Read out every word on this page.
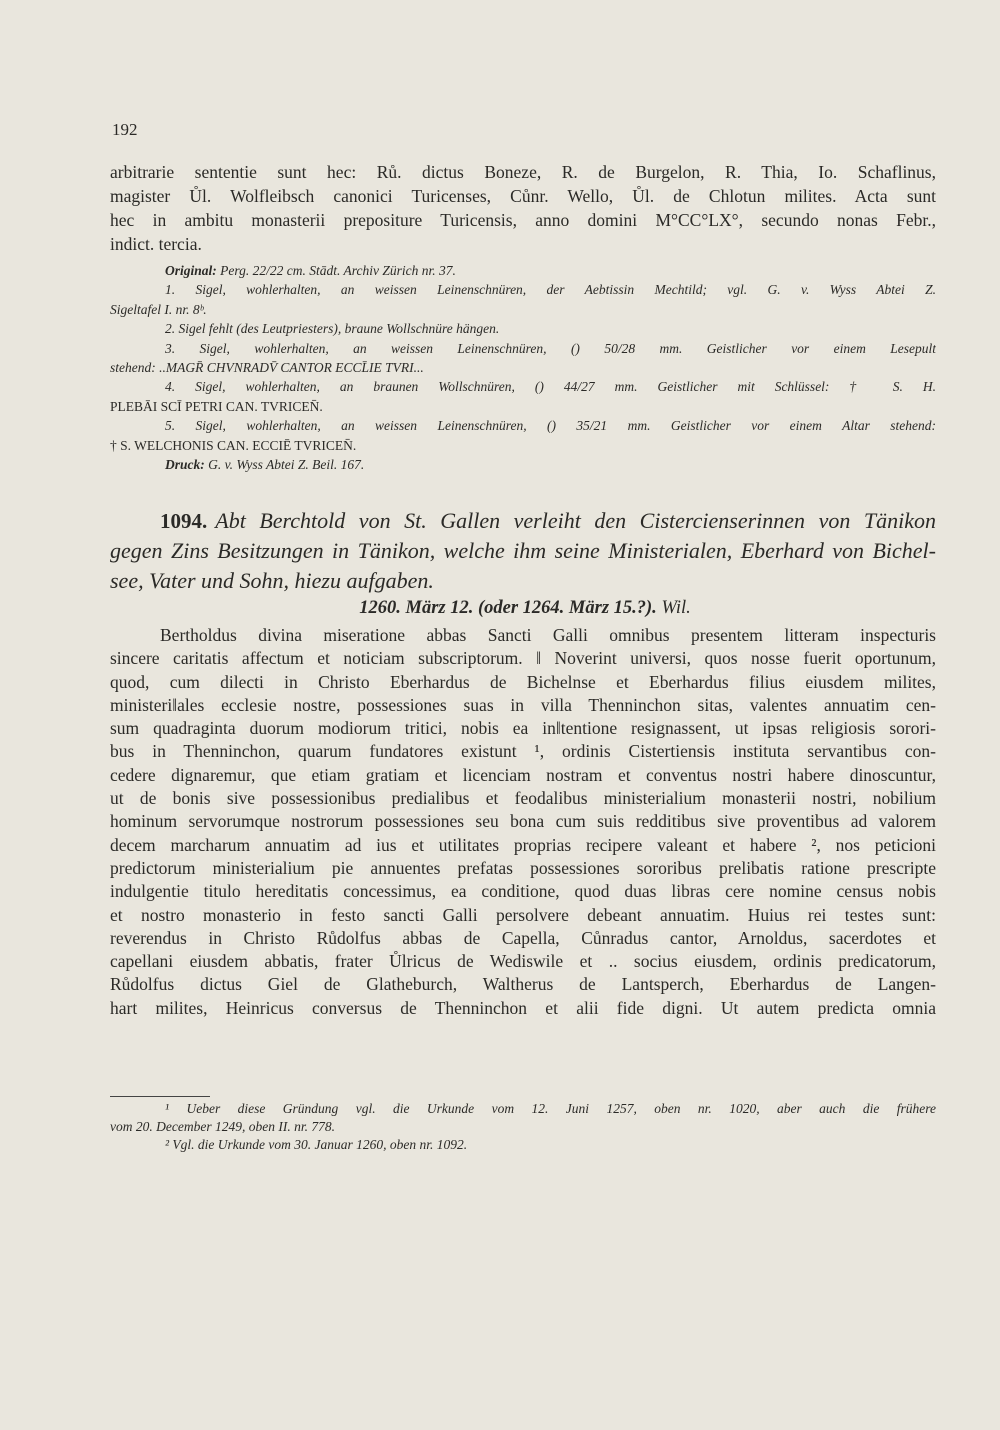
192
arbitrarie sententie sunt hec: Rů. dictus Boneze, R. de Burgelon, R. Thia, Io. Schaflinus,
magister Ůl. Wolfleibsch canonici Turicenses, Cůnr. Wello, Ůl. de Chlotun milites. Acta sunt
hec in ambitu monasterii prepositure Turicensis, anno domini M°CC°LX°, secundo nonas Febr.,
indict. tercia.
Original: Perg. 22/22 cm. Stādt. Archiv Zürich nr. 37.
1. Sigel, wohlerhalten, an weissen Leinenschnüren, der Aebtissin Mechtild; vgl. G. v. Wyss Abtei Z.
Sigeltafel I. nr. 8ᵇ.
2. Sigel fehlt (des Leutpriesters), braune Wollschnüre hängen.
3. Sigel, wohlerhalten, an weissen Leinenschnüren, () 50/28 mm. Geistlicher vor einem Lesepult
stehend: ..MAGR̄ CHVNRADV̄ CANTOR ECCL̄IE TVRI...
4. Sigel, wohlerhalten, an braunen Wollschnüren, () 44/27 mm. Geistlicher mit Schlüssel: † S. H.
PLEBĀI SCĪ PETRI CAN. TVRICEN̄.
5. Sigel, wohlerhalten, an weissen Leinenschnüren, () 35/21 mm. Geistlicher vor einem Altar stehend:
† S. WELCHONIS CAN. ECCIĒ TVRICEN̄.
Druck: G. v. Wyss Abtei Z. Beil. 167.
1094. Abt Berchtold von St. Gallen verleiht den Cistercienserinnen von Tänikon
gegen Zins Besitzungen in Tänikon, welche ihm seine Ministerialen, Eberhard von Bichel-
see, Vater und Sohn, hiezu aufgaben.
1260. März 12. (oder 1264. März 15.?). Wil.
Bertholdus divina miseratione abbas Sancti Galli omnibus presentem litteram inspecturis
sincere caritatis affectum et noticiam subscriptorum. ‖ Noverint universi, quos nosse fuerit oportunum,
quod, cum dilecti in Christo Eberhardus de Bichelnse et Eberhardus filius eiusdem milites,
ministeri‖ales ecclesie nostre, possessiones suas in villa Thenninchon sitas, valentes annuatim cen-
sum quadraginta duorum modiorum tritici, nobis ea in‖tentione resignassent, ut ipsas religiosis sorori-
bus in Thenninchon, quarum fundatores existunt ¹, ordinis Cistertiensis instituta servantibus con-
cedere dignaremur, que etiam gratiam et licenciam nostram et conventus nostri habere dinoscuntur,
ut de bonis sive possessionibus predialibus et feodalibus ministerialium monasterii nostri, nobilium
hominum servorumque nostrorum possessiones seu bona cum suis redditibus sive proventibus ad valorem
decem marcharum annuatim ad ius et utilitates proprias recipere valeant et habere ², nos peticioni
predictorum ministerialium pie annuentes prefatas possessiones sororibus prelibatis ratione prescripte
indulgentie titulo hereditatis concessimus, ea conditione, quod duas libras cere nomine census nobis
et nostro monasterio in festo sancti Galli persolvere debeant annuatim. Huius rei testes sunt:
reverendus in Christo Růdolfus abbas de Capella, Cůnradus cantor, Arnoldus, sacerdotes et
capellani eiusdem abbatis, frater Ůlricus de Wediswile et .. socius eiusdem, ordinis predicatorum,
Růdolfus dictus Giel de Glatheburch, Waltherus de Lantsperch, Eberhardus de Langen-
hart milites, Heinricus conversus de Thenninchon et alii fide digni. Ut autem predicta omnia
¹ Ueber diese Gründung vgl. die Urkunde vom 12. Juni 1257, oben nr. 1020, aber auch die frühere
vom 20. December 1249, oben II. nr. 778.
² Vgl. die Urkunde vom 30. Januar 1260, oben nr. 1092.
